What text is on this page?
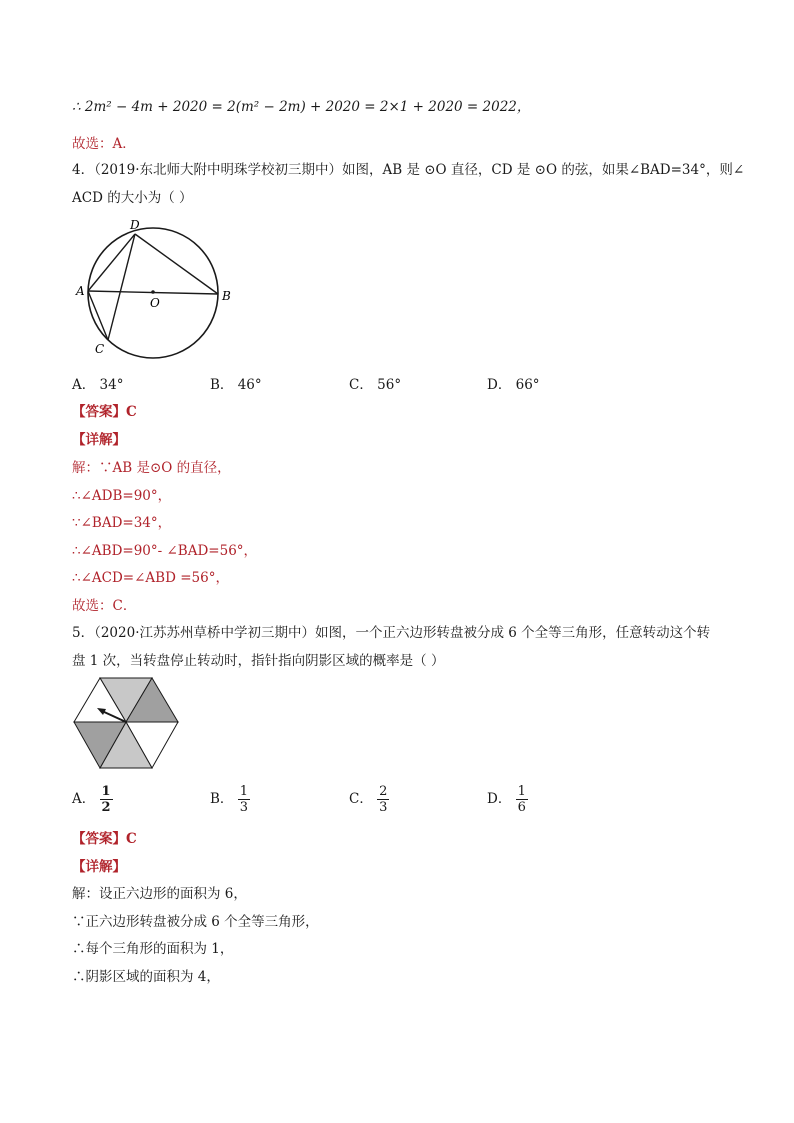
∴ 2m² − 4m + 2020 = 2(m² − 2m) + 2020 = 2×1 + 2020 = 2022，
故选：A．
4．（2019·东北师大附中明珠学校初三期中）如图，AB 是 ⊙O 直径，CD 是 ⊙O 的弦，如果∠BAD=34°，则∠
ACD 的大小为（ ）
D
A
O	B
C
A． 34°	B． 46°	C． 56°	D． 66°
【答案】C
【详解】
解：∵AB 是⊙O 的直径，
∴∠ADB=90°，
∵∠BAD=34°，
∴∠ABD=90°- ∠BAD=56°，
∴∠ACD=∠ABD =56°，
故选：C．
5．（2020·江苏苏州草桥中学初三期中）如图，一个正六边形转盘被分成 6 个全等三角形，任意转动这个转
盘 1 次，当转盘停止转动时，指针指向阴影区域的概率是（ ）
A． $\frac{1}{2}$	B． $\frac{1}{3}$	C． $\frac{2}{3}$	D． $\frac{1}{6}$
【答案】C
【详解】
解：设正六边形的面积为 6，
∵正六边形转盘被分成 6 个全等三角形，
∴每个三角形的面积为 1，
∴阴影区域的面积为 4，
